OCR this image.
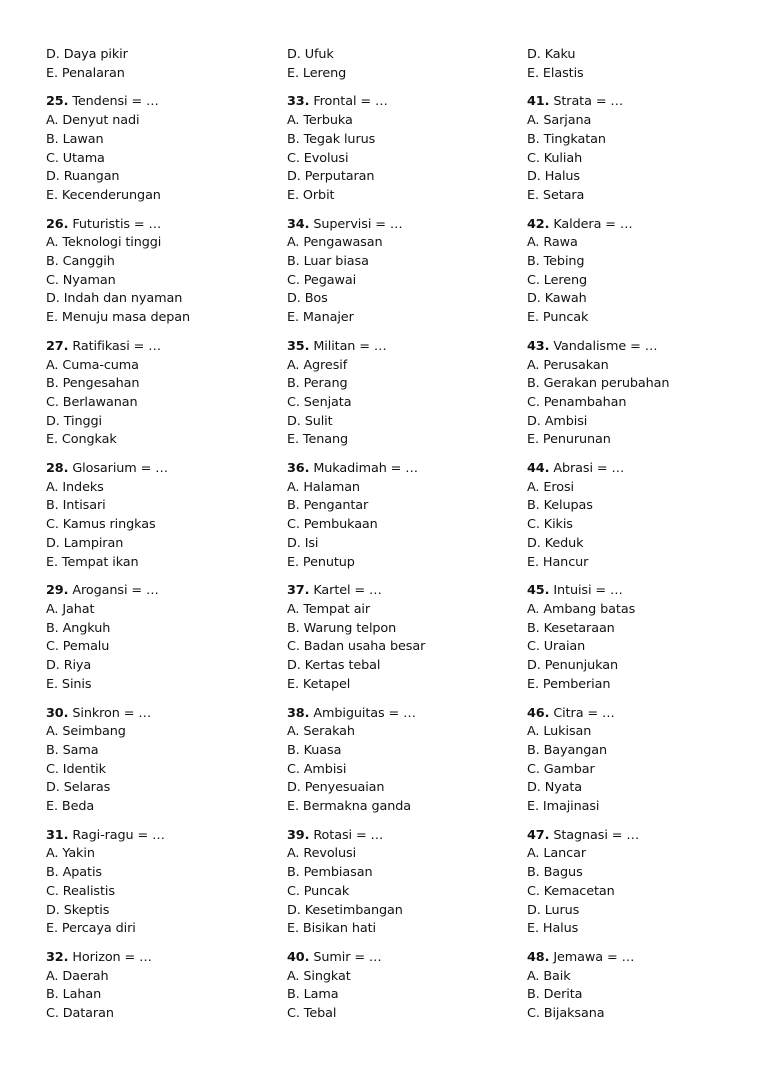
D. Daya pikir
E. Penalaran
25. Tendensi = …
A. Denyut nadi
B. Lawan
C. Utama
D. Ruangan
E. Kecenderungan
26. Futuristis = …
A. Teknologi tinggi
B. Canggih
C. Nyaman
D. Indah dan nyaman
E. Menuju masa depan
27. Ratifikasi = …
A. Cuma-cuma
B. Pengesahan
C. Berlawanan
D. Tinggi
E. Congkak
28. Glosarium = …
A. Indeks
B. Intisari
C. Kamus ringkas
D. Lampiran
E. Tempat ikan
29. Arogansi = …
A. Jahat
B. Angkuh
C. Pemalu
D. Riya
E. Sinis
30. Sinkron = …
A. Seimbang
B. Sama
C. Identik
D. Selaras
E. Beda
31. Ragi-ragu = …
A. Yakin
B. Apatis
C. Realistis
D. Skeptis
E. Percaya diri
32. Horizon = …
A. Daerah
B. Lahan
C. Dataran
D. Ufuk
E. Lereng
33. Frontal = …
A. Terbuka
B. Tegak lurus
C. Evolusi
D. Perputaran
E. Orbit
34. Supervisi = …
A. Pengawasan
B. Luar biasa
C. Pegawai
D. Bos
E. Manajer
35. Militan = …
A. Agresif
B. Perang
C. Senjata
D. Sulit
E. Tenang
36. Mukadimah = …
A. Halaman
B. Pengantar
C. Pembukaan
D. Isi
E. Penutup
37. Kartel = …
A. Tempat air
B. Warung telpon
C. Badan usaha besar
D. Kertas tebal
E. Ketapel
38. Ambiguitas = …
A. Serakah
B. Kuasa
C. Ambisi
D. Penyesuaian
E. Bermakna ganda
39. Rotasi = …
A. Revolusi
B. Pembiasan
C. Puncak
D. Kesetimbangan
E. Bisikan hati
40. Sumir = …
A. Singkat
B. Lama
C. Tebal
D. Kaku
E. Elastis
41. Strata = …
A. Sarjana
B. Tingkatan
C. Kuliah
D. Halus
E. Setara
42. Kaldera = …
A. Rawa
B. Tebing
C. Lereng
D. Kawah
E. Puncak
43. Vandalisme = …
A. Perusakan
B. Gerakan perubahan
C. Penambahan
D. Ambisi
E. Penurunan
44. Abrasi = …
A. Erosi
B. Kelupas
C. Kikis
D. Keduk
E. Hancur
45. Intuisi = …
A. Ambang batas
B. Kesetaraan
C. Uraian
D. Penunjukan
E. Pemberian
46. Citra = …
A. Lukisan
B. Bayangan
C. Gambar
D. Nyata
E. Imajinasi
47. Stagnasi = …
A. Lancar
B. Bagus
C. Kemacetan
D. Lurus
E. Halus
48. Jemawa = …
A. Baik
B. Derita
C. Bijaksana
